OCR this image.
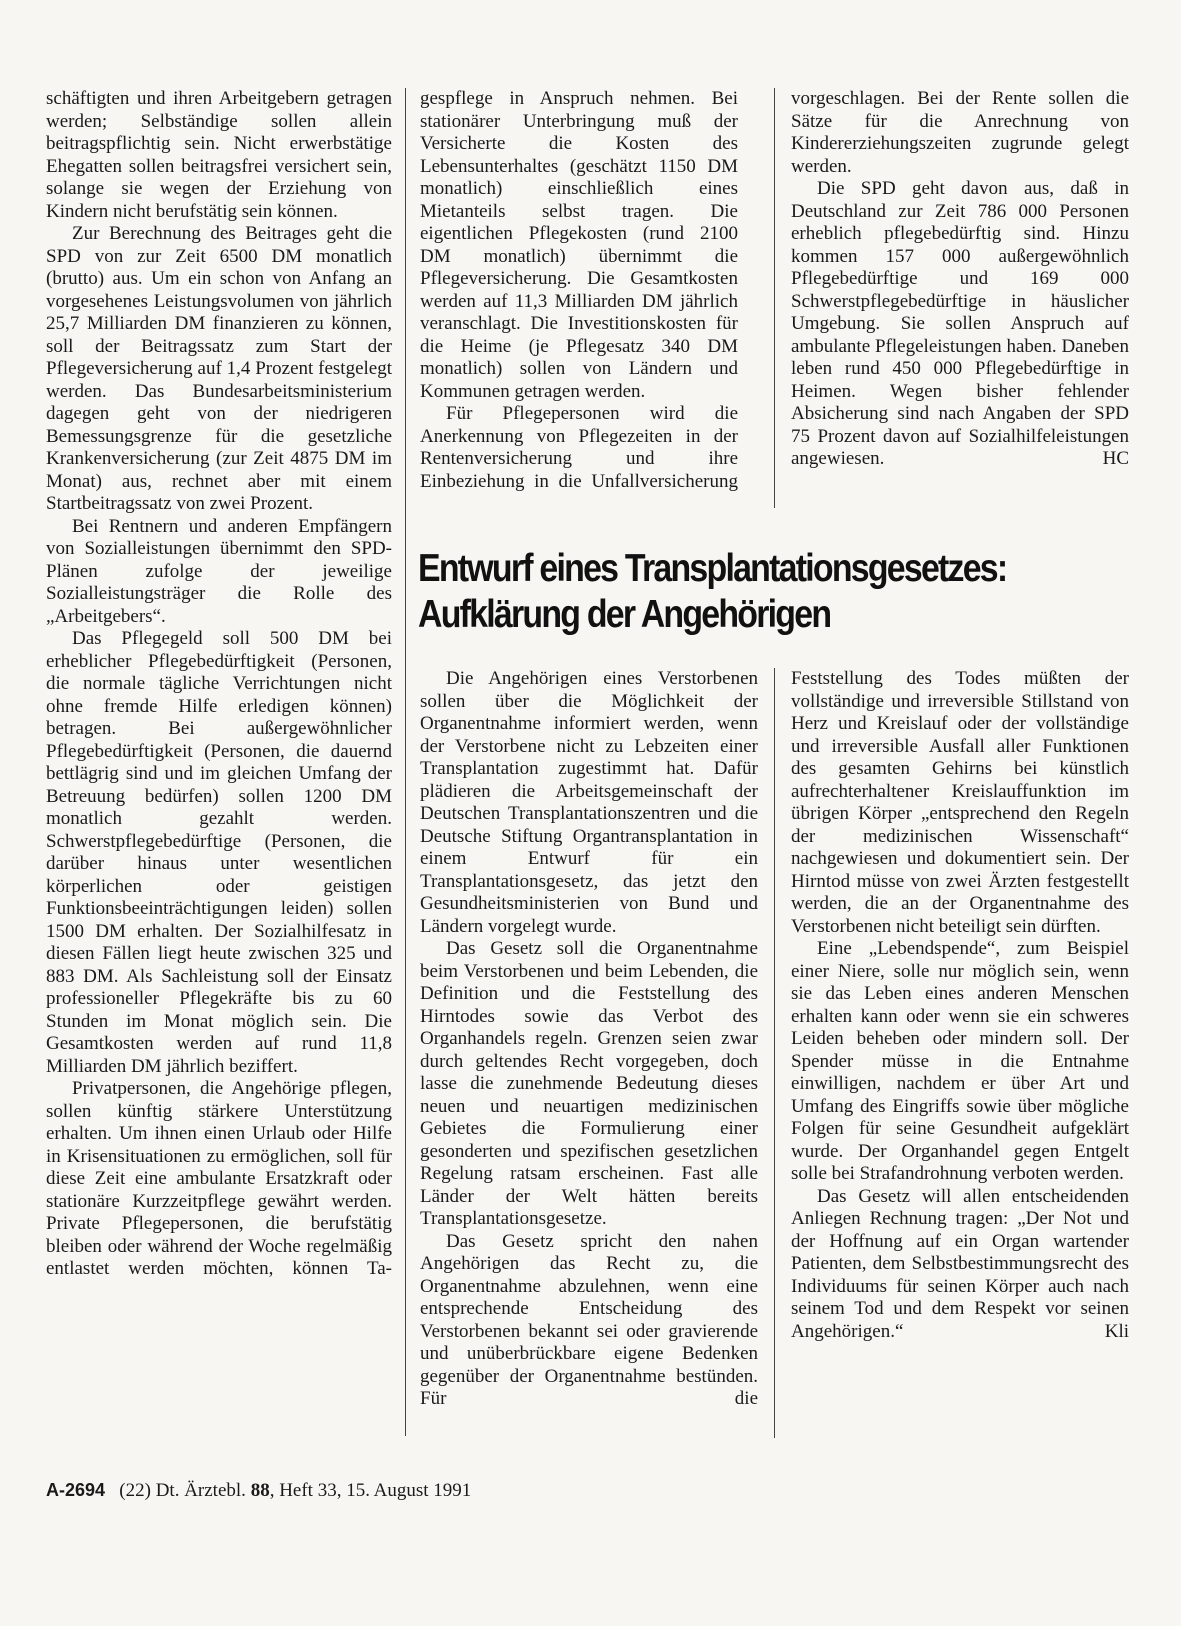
schäftigten und ihren Arbeitgebern getragen werden; Selbständige sollen allein beitragspflichtig sein. Nicht erwerbstätige Ehegatten sollen beitragsfrei versichert sein, solange sie wegen der Erziehung von Kindern nicht berufstätig sein können.

Zur Berechnung des Beitrages geht die SPD von zur Zeit 6500 DM monatlich (brutto) aus. Um ein schon von Anfang an vorgesehenes Leistungsvolumen von jährlich 25,7 Milliarden DM finanzieren zu können, soll der Beitragssatz zum Start der Pflegeversicherung auf 1,4 Prozent festgelegt werden. Das Bundesarbeitsministerium dagegen geht von der niedrigeren Bemessungsgrenze für die gesetzliche Krankenversicherung (zur Zeit 4875 DM im Monat) aus, rechnet aber mit einem Startbeitragssatz von zwei Prozent.

Bei Rentnern und anderen Empfängern von Sozialleistungen übernimmt den SPD-Plänen zufolge der jeweilige Sozialleistungsträger die Rolle des „Arbeitgebers“.

Das Pflegegeld soll 500 DM bei erheblicher Pflegebedürftigkeit (Personen, die normale tägliche Verrichtungen nicht ohne fremde Hilfe erledigen können) betragen. Bei außergewöhnlicher Pflegebedürftigkeit (Personen, die dauernd bettlägrig sind und im gleichen Umfang der Betreuung bedürfen) sollen 1200 DM monatlich gezahlt werden. Schwerstpflegebedürftige (Personen, die darüber hinaus unter wesentlichen körperlichen oder geistigen Funktionsbeeinträchtigungen leiden) sollen 1500 DM erhalten. Der Sozialhilfesatz in diesen Fällen liegt heute zwischen 325 und 883 DM. Als Sachleistung soll der Einsatz professioneller Pflegekräfte bis zu 60 Stunden im Monat möglich sein. Die Gesamtkosten werden auf rund 11,8 Milliarden DM jährlich beziffert.

Privatpersonen, die Angehörige pflegen, sollen künftig stärkere Unterstützung erhalten. Um ihnen einen Urlaub oder Hilfe in Krisensituationen zu ermöglichen, soll für diese Zeit eine ambulante Ersatzkraft oder stationäre Kurzzeitpflege gewährt werden. Private Pflegepersonen, die berufstätig bleiben oder während der Woche regelmäßig entlastet werden möchten, können Ta-

gespflege in Anspruch nehmen. Bei stationärer Unterbringung muß der Versicherte die Kosten des Lebensunterhaltes (geschätzt 1150 DM monatlich) einschließlich eines Mietanteils selbst tragen. Die eigentlichen Pflegekosten (rund 2100 DM monatlich) übernimmt die Pflegeversicherung. Die Gesamtkosten werden auf 11,3 Milliarden DM jährlich veranschlagt. Die Investitionskosten für die Heime (je Pflegesatz 340 DM monatlich) sollen von Ländern und Kommunen getragen werden.

Für Pflegepersonen wird die Anerkennung von Pflegezeiten in der Rentenversicherung und ihre Einbeziehung in die Unfallversicherung

vorgeschlagen. Bei der Rente sollen die Sätze für die Anrechnung von Kindererziehungszeiten zugrunde gelegt werden.

Die SPD geht davon aus, daß in Deutschland zur Zeit 786 000 Personen erheblich pflegebedürftig sind. Hinzu kommen 157 000 außergewöhnlich Pflegebedürftige und 169 000 Schwerstpflegebedürftige in häuslicher Umgebung. Sie sollen Anspruch auf ambulante Pflegeleistungen haben. Daneben leben rund 450 000 Pflegebedürftige in Heimen. Wegen bisher fehlender Absicherung sind nach Angaben der SPD 75 Prozent davon auf Sozialhilfeleistungen angewiesen.	HC

Entwurf eines Transplantationsgesetzes:
Aufklärung der Angehörigen

Die Angehörigen eines Verstorbenen sollen über die Möglichkeit der Organentnahme informiert werden, wenn der Verstorbene nicht zu Lebzeiten einer Transplantation zugestimmt hat. Dafür plädieren die Arbeitsgemeinschaft der Deutschen Transplantationszentren und die Deutsche Stiftung Organtransplantation in einem Entwurf für ein Transplantationsgesetz, das jetzt den Gesundheitsministerien von Bund und Ländern vorgelegt wurde.

Das Gesetz soll die Organentnahme beim Verstorbenen und beim Lebenden, die Definition und die Feststellung des Hirntodes sowie das Verbot des Organhandels regeln. Grenzen seien zwar durch geltendes Recht vorgegeben, doch lasse die zunehmende Bedeutung dieses neuen und neuartigen medizinischen Gebietes die Formulierung einer gesonderten und spezifischen gesetzlichen Regelung ratsam erscheinen. Fast alle Länder der Welt hätten bereits Transplantationsgesetze.

Das Gesetz spricht den nahen Angehörigen das Recht zu, die Organentnahme abzulehnen, wenn eine entsprechende Entscheidung des Verstorbenen bekannt sei oder gravierende und unüberbrückbare eigene Bedenken gegenüber der Organentnahme bestünden. Für die

Feststellung des Todes müßten der vollständige und irreversible Stillstand von Herz und Kreislauf oder der vollständige und irreversible Ausfall aller Funktionen des gesamten Gehirns bei künstlich aufrechterhaltener Kreislauffunktion im übrigen Körper „entsprechend den Regeln der medizinischen Wissenschaft“ nachgewiesen und dokumentiert sein. Der Hirntod müsse von zwei Ärzten festgestellt werden, die an der Organentnahme des Verstorbenen nicht beteiligt sein dürften.

Eine „Lebendspende“, zum Beispiel einer Niere, solle nur möglich sein, wenn sie das Leben eines anderen Menschen erhalten kann oder wenn sie ein schweres Leiden beheben oder mindern soll. Der Spender müsse in die Entnahme einwilligen, nachdem er über Art und Umfang des Eingriffs sowie über mögliche Folgen für seine Gesundheit aufgeklärt wurde. Der Organhandel gegen Entgelt solle bei Strafandrohnung verboten werden.

Das Gesetz will allen entscheidenden Anliegen Rechnung tragen: „Der Not und der Hoffnung auf ein Organ wartender Patienten, dem Selbstbestimmungsrecht des Individuums für seinen Körper auch nach seinem Tod und dem Respekt vor seinen Angehörigen.“	Kli

A-2694 (22) Dt. Ärztebl. 88, Heft 33, 15. August 1991
